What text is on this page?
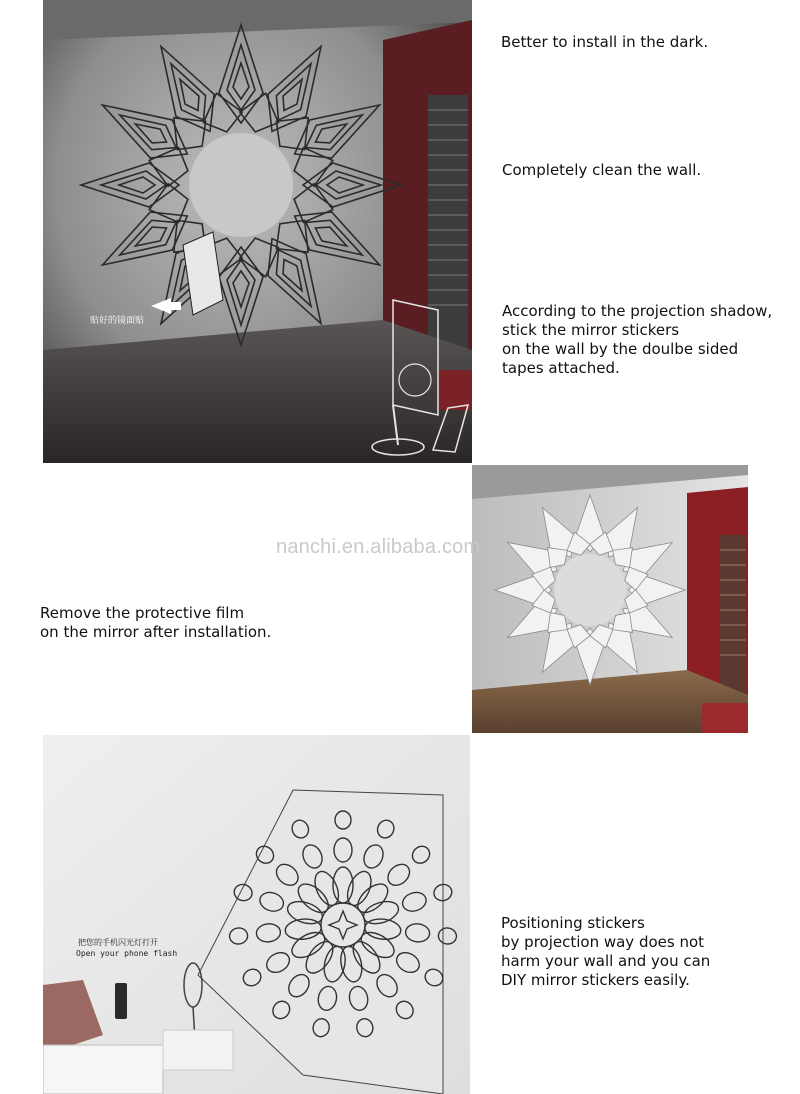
贴好的镜面贴
把您的手机闪光灯打开
Open your phone flash
nanchi.en.alibaba.com
Better to install in the dark.
Completely clean the wall.
According to the projection shadow,
stick the mirror stickers
on the wall by the doulbe sided
tapes attached.
Remove the protective film
on the mirror after installation.
Positioning stickers
by projection way does not
harm your wall and you can
DIY mirror stickers easily.
